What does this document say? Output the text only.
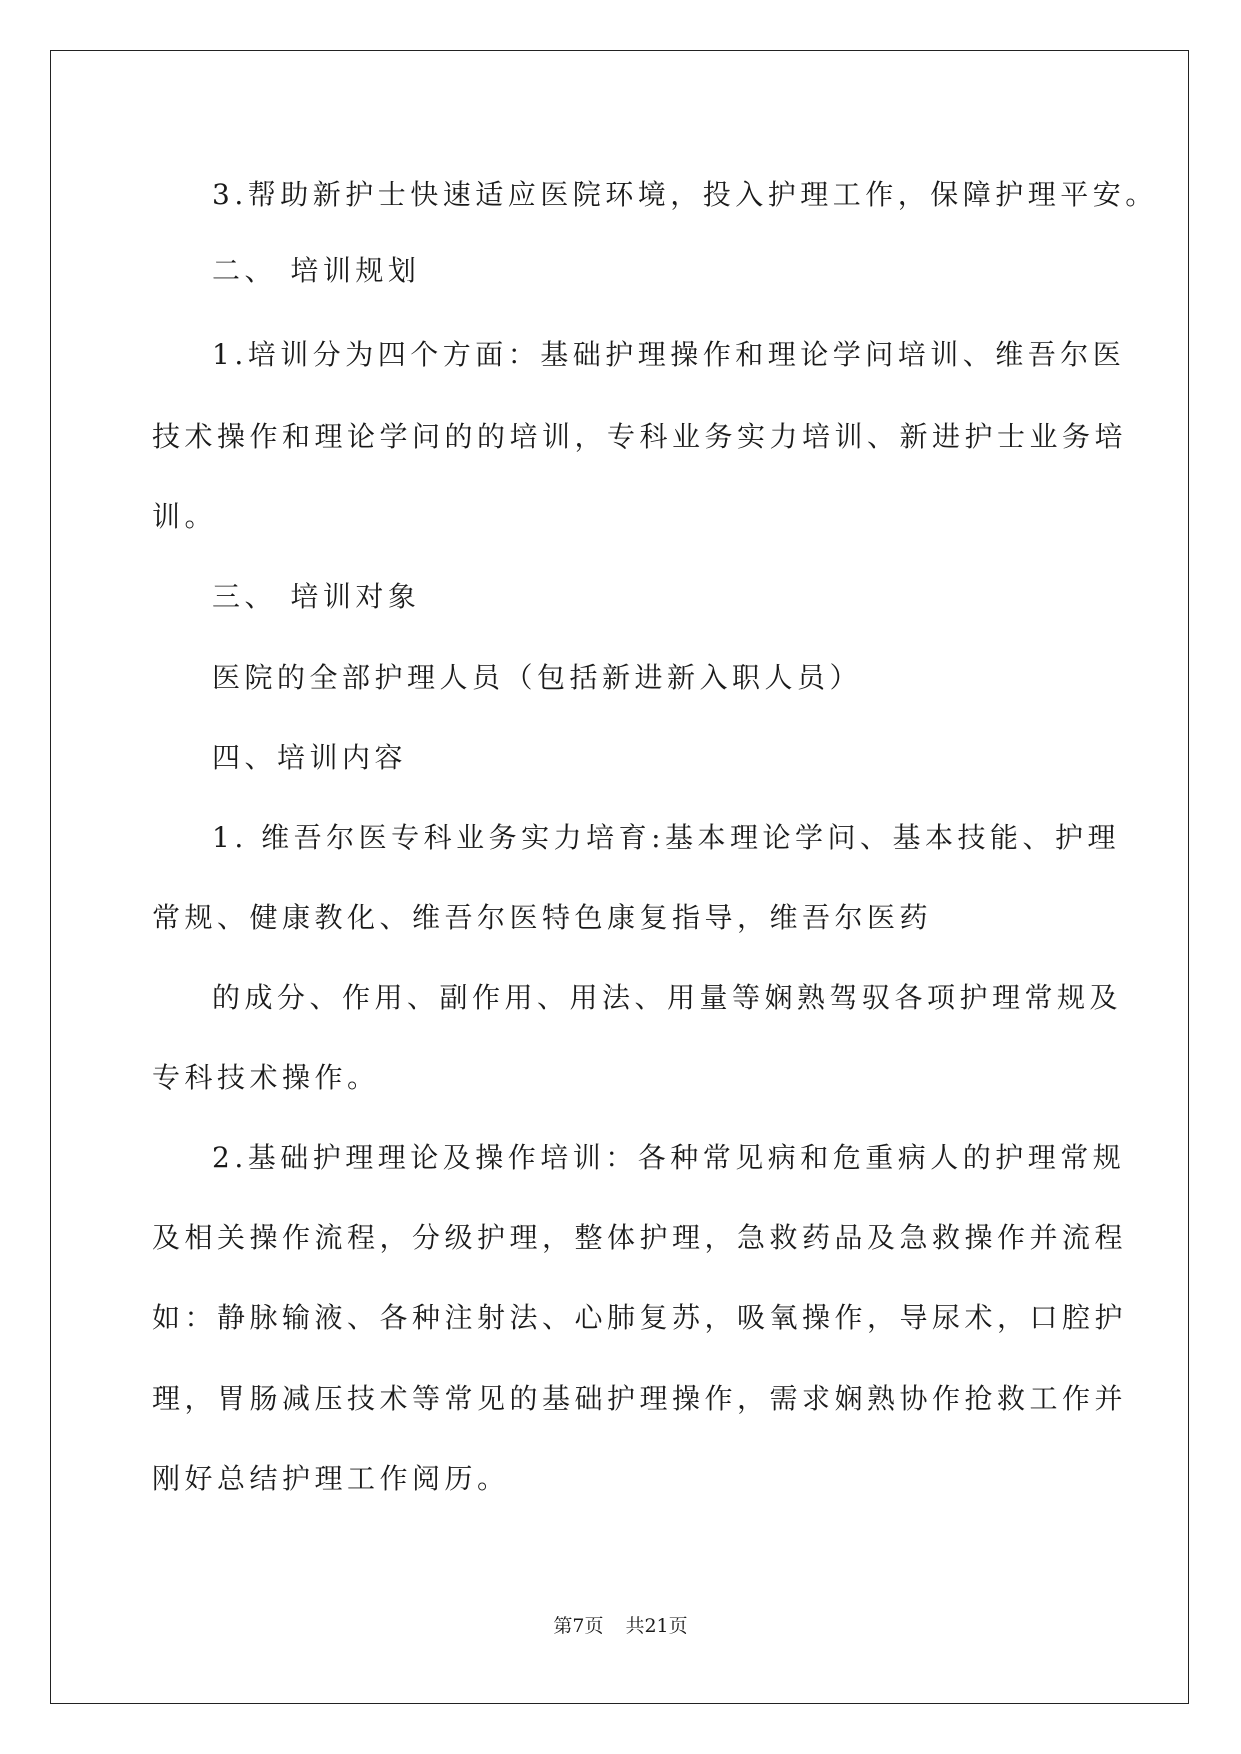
3.帮助新护士快速适应医院环境，投入护理工作，保障护理平安。
二、 培训规划
1.培训分为四个方面：基础护理操作和理论学问培训、维吾尔医
技术操作和理论学问的的培训，专科业务实力培训、新进护士业务培
训。
三、 培训对象
医院的全部护理人员（包括新进新入职人员）
四、培训内容
1. 维吾尔医专科业务实力培育:基本理论学问、基本技能、护理
常规、健康教化、维吾尔医特色康复指导，维吾尔医药
的成分、作用、副作用、用法、用量等娴熟驾驭各项护理常规及
专科技术操作。
2.基础护理理论及操作培训：各种常见病和危重病人的护理常规
及相关操作流程，分级护理，整体护理，急救药品及急救操作并流程
如：静脉输液、各种注射法、心肺复苏，吸氧操作，导尿术，口腔护
理，胃肠减压技术等常见的基础护理操作，需求娴熟协作抢救工作并
刚好总结护理工作阅历。
第7页 共21页
